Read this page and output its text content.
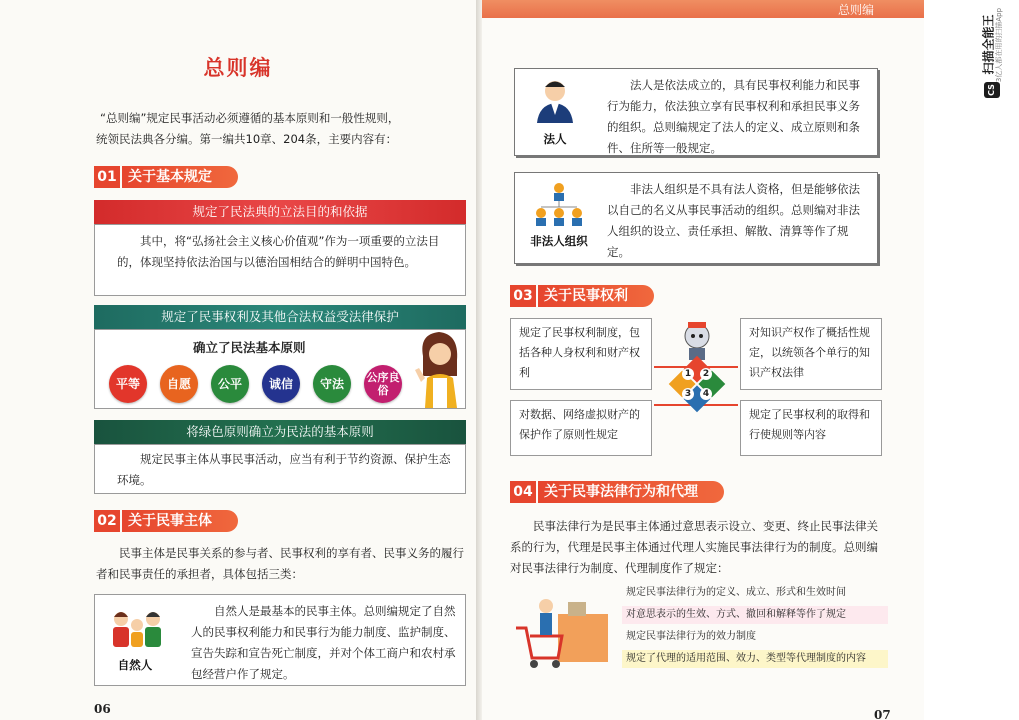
总则编
“总则编”规定民事活动必须遵循的基本原则和一般性规则，
统领民法典各分编。第一编共10章、204条，主要内容有：
01 关于基本规定
规定了民法典的立法目的和依据
其中，将“弘扬社会主义核心价值观”作为一项重要的立法目的，体现坚持依法治国与以德治国相结合的鲜明中国特色。
规定了民事权利及其他合法权益受法律保护
确立了民法基本原则
平等	自愿	公平	诚信	守法	公序良俗
将绿色原则确立为民法的基本原则
规定民事主体从事民事活动，应当有利于节约资源、保护生态环境。
02 关于民事主体
民事主体是民事关系的参与者、民事权利的享有者、民事义务的履行者和民事责任的承担者，具体包括三类：
自然人
自然人是最基本的民事主体。总则编规定了自然人的民事权利能力和民事行为能力制度、监护制度、宣告失踪和宣告死亡制度，并对个体工商户和农村承包经营户作了规定。
06
总则编
法人
法人是依法成立的，具有民事权利能力和民事行为能力，依法独立享有民事权利和承担民事义务的组织。总则编规定了法人的定义、成立原则和条件、住所等一般规定。
非法人组织
非法人组织是不具有法人资格，但是能够依法以自己的名义从事民事活动的组织。总则编对非法人组织的设立、责任承担、解散、清算等作了规定。
03 关于民事权利
规定了民事权利制度，包括各种人身权利和财产权利
对知识产权作了概括性规定，以统领各个单行的知识产权法律
对数据、网络虚拟财产的保护作了原则性规定
规定了民事权利的取得和行使规则等内容
1	2
3	4
04 关于民事法律行为和代理
民事法律行为是民事主体通过意思表示设立、变更、终止民事法律关系的行为，代理是民事主体通过代理人实施民事法律行为的制度。总则编对民事法律行为制度、代理制度作了规定：
规定民事法律行为的定义、成立、形式和生效时间
对意思表示的生效、方式、撤回和解释等作了规定
规定民事法律行为的效力制度
规定了代理的适用范围、效力、类型等代理制度的内容
07
CS
扫描全能王 3亿人都在用的扫描App
